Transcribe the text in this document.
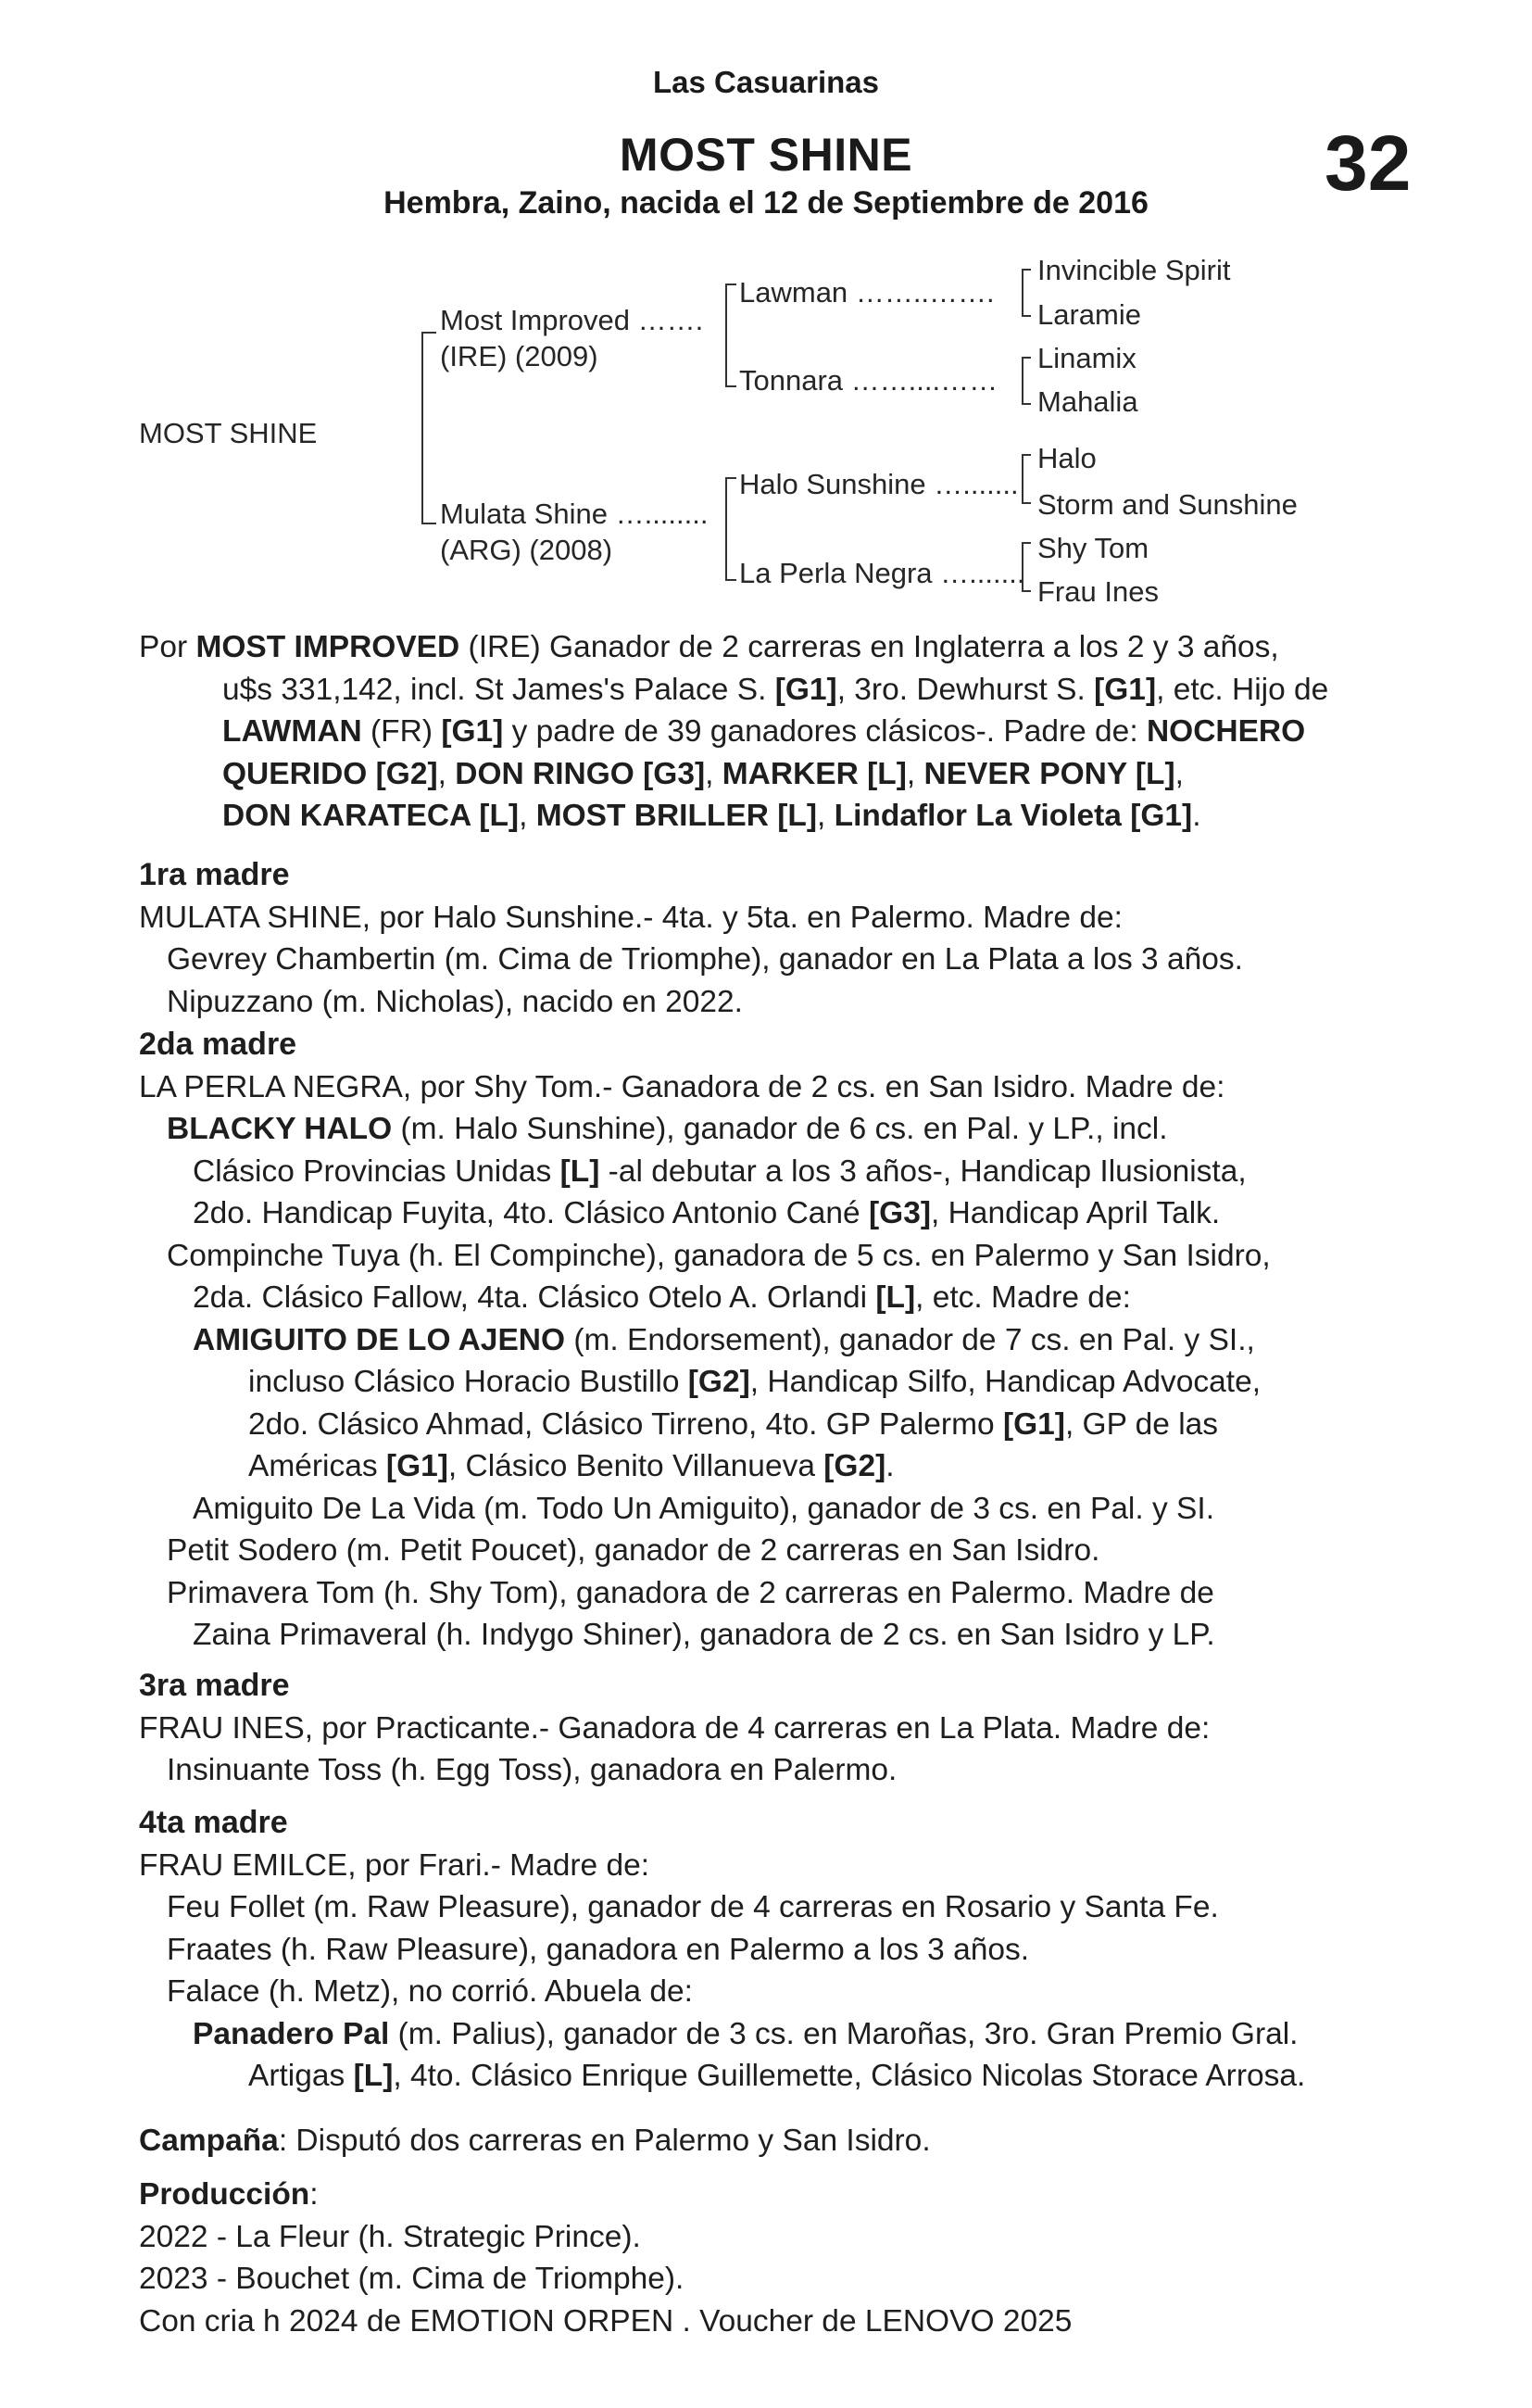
Las Casuarinas
MOST SHINE
Hembra, Zaino, nacida el 12 de Septiembre de 2016	32
MOST SHINE
Most Improved …….
(IRE) (2009)
Mulata Shine …........
(ARG) (2008)
Lawman ……..…….
Tonnara ……....……
Halo Sunshine ….......
La Perla Negra ….......
Invincible Spirit
Laramie
Linamix
Mahalia
Halo
Storm and Sunshine
Shy Tom
Frau Ines

Por MOST IMPROVED (IRE) Ganador de 2 carreras en Inglaterra a los 2 y 3 años,

u$s 331,142, incl. St James's Palace S. [G1], 3ro. Dewhurst S. [G1], etc. Hijo de

LAWMAN (FR) [G1] y padre de 39 ganadores clásicos-. Padre de: NOCHERO

QUERIDO [G2], DON RINGO [G3], MARKER [L], NEVER PONY [L],

DON KARATECA [L], MOST BRILLER [L], Lindaflor La Violeta [G1].

1ra madre

MULATA SHINE, por Halo Sunshine.- 4ta. y 5ta. en Palermo. Madre de:

Gevrey Chambertin (m. Cima de Triomphe), ganador en La Plata a los 3 años.

Nipuzzano (m. Nicholas), nacido en 2022.

2da madre

LA PERLA NEGRA, por Shy Tom.- Ganadora de 2 cs. en San Isidro. Madre de:

BLACKY HALO (m. Halo Sunshine), ganador de 6 cs. en Pal. y LP., incl.

Clásico Provincias Unidas [L] -al debutar a los 3 años-, Handicap Ilusionista,

2do. Handicap Fuyita, 4to. Clásico Antonio Cané [G3], Handicap April Talk.

Compinche Tuya (h. El Compinche), ganadora de 5 cs. en Palermo y San Isidro,

2da. Clásico Fallow, 4ta. Clásico Otelo A. Orlandi [L], etc. Madre de:

AMIGUITO DE LO AJENO (m. Endorsement), ganador de 7 cs. en Pal. y SI.,

incluso Clásico Horacio Bustillo [G2], Handicap Silfo, Handicap Advocate,

2do. Clásico Ahmad, Clásico Tirreno, 4to. GP Palermo [G1], GP de las

Américas [G1], Clásico Benito Villanueva [G2].

Amiguito De La Vida (m. Todo Un Amiguito), ganador de 3 cs. en Pal. y SI.

Petit Sodero (m. Petit Poucet), ganador de 2 carreras en San Isidro.

Primavera Tom (h. Shy Tom), ganadora de 2 carreras en Palermo. Madre de

Zaina Primaveral (h. Indygo Shiner), ganadora de 2 cs. en San Isidro y LP.

3ra madre

FRAU INES, por Practicante.- Ganadora de 4 carreras en La Plata. Madre de:

Insinuante Toss (h. Egg Toss), ganadora en Palermo.

4ta madre

FRAU EMILCE, por Frari.- Madre de:

Feu Follet (m. Raw Pleasure), ganador de 4 carreras en Rosario y Santa Fe.

Fraates (h. Raw Pleasure), ganadora en Palermo a los 3 años.

Falace (h. Metz), no corrió. Abuela de:

Panadero Pal (m. Palius), ganador de 3 cs. en Maroñas, 3ro. Gran Premio Gral.

Artigas [L], 4to. Clásico Enrique Guillemette, Clásico Nicolas Storace Arrosa.

Campaña: Disputó dos carreras en Palermo y San Isidro.

Producción:

2022 - La Fleur (h. Strategic Prince).

2023 - Bouchet (m. Cima de Triomphe).

Con cria h 2024 de EMOTION ORPEN . Voucher de LENOVO 2025
